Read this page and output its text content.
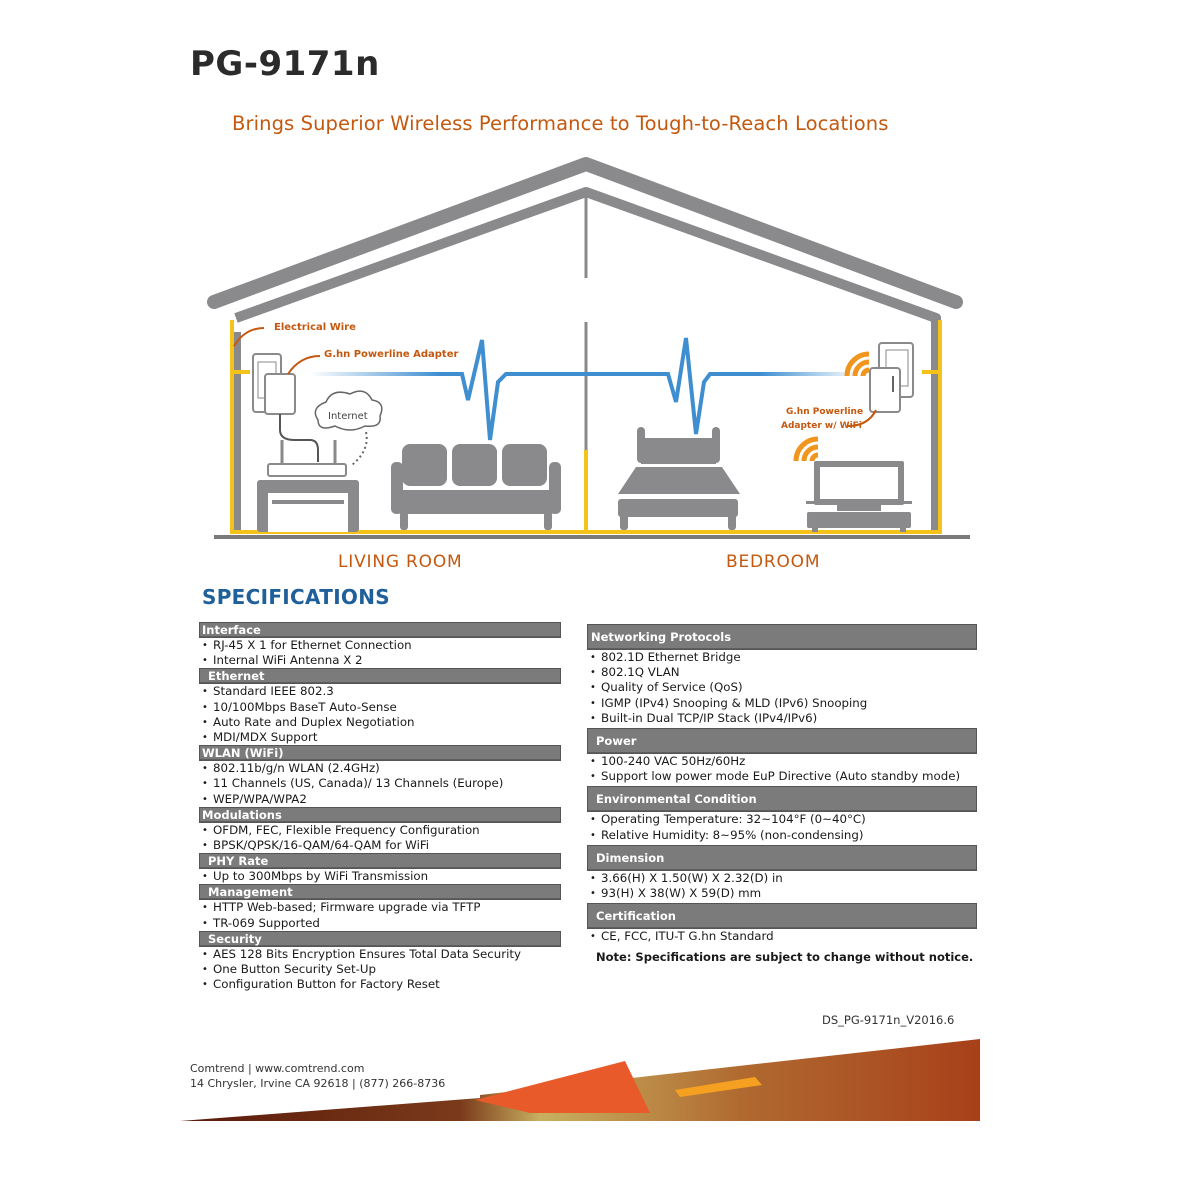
PG-9171n
Brings Superior Wireless Performance to Tough-to-Reach Locations
Electrical Wire
G.hn Powerline Adapter
Internet	G.hn Powerline
Adapter w/ WiFi
LIVING ROOM	BEDROOM
SPECIFICATIONS
Interface
• RJ-45 X 1 for Ethernet Connection
• Internal WiFi Antenna X 2
Ethernet
• Standard IEEE 802.3
• 10/100Mbps BaseT Auto-Sense
• Auto Rate and Duplex Negotiation
• MDI/MDX Support
WLAN (WiFi)
• 802.11b/g/n WLAN (2.4GHz)
• 11 Channels (US, Canada)/ 13 Channels (Europe)
• WEP/WPA/WPA2
Modulations
• OFDM, FEC, Flexible Frequency Configuration
• BPSK/QPSK/16-QAM/64-QAM for WiFi
PHY Rate
• Up to 300Mbps by WiFi Transmission
Management
• HTTP Web-based; Firmware upgrade via TFTP
• TR-069 Supported
Security
• AES 128 Bits Encryption Ensures Total Data Security
• One Button Security Set-Up
• Configuration Button for Factory Reset
Networking Protocols
• 802.1D Ethernet Bridge
• 802.1Q VLAN
• Quality of Service (QoS)
• IGMP (IPv4) Snooping & MLD (IPv6) Snooping
• Built-in Dual TCP/IP Stack (IPv4/IPv6)
Power
• 100-240 VAC 50Hz/60Hz
• Support low power mode EuP Directive (Auto standby mode)
Environmental Condition
• Operating Temperature: 32~104°F (0~40°C)
• Relative Humidity: 8~95% (non-condensing)
Dimension
• 3.66(H) X 1.50(W) X 2.32(D) in
• 93(H) X 38(W) X 59(D) mm
Certification
• CE, FCC, ITU-T G.hn Standard
Note: Specifications are subject to change without notice.
DS_PG-9171n_V2016.6
Comtrend | www.comtrend.com
14 Chrysler, Irvine CA 92618 | (877) 266-8736
